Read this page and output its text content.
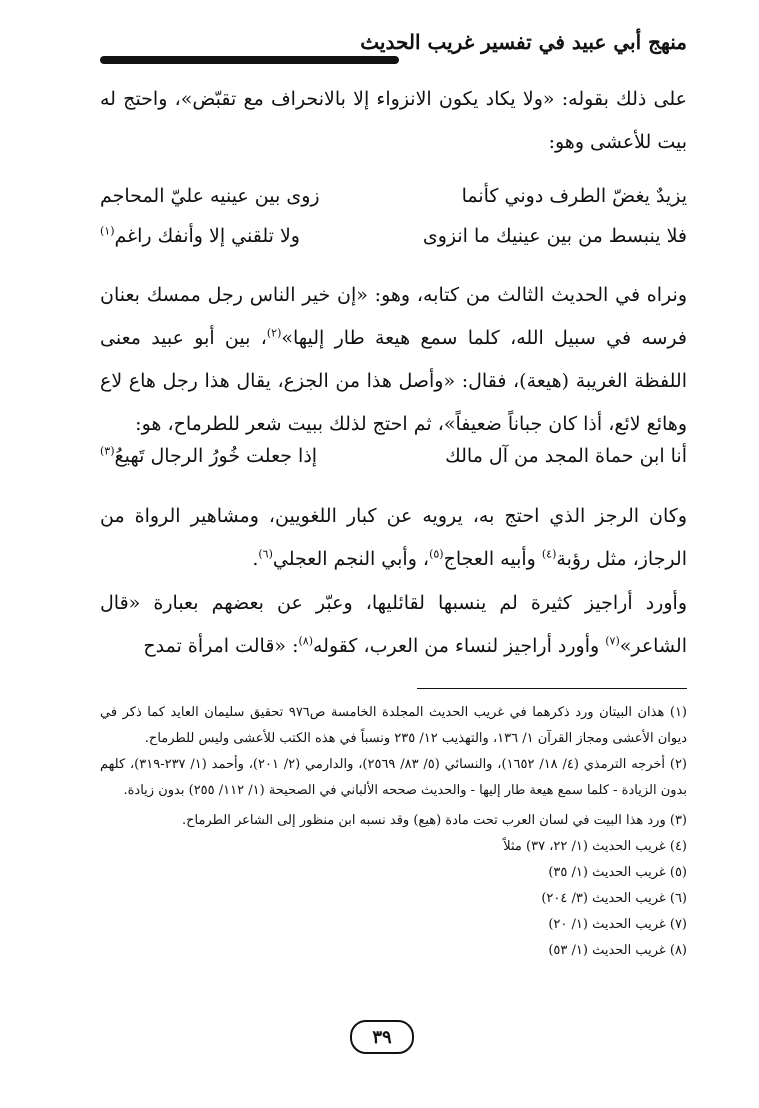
منهج أبي عبيد في تفسير غريب الحديث

على ذلك بقوله: «ولا يكاد يكون الانزواء إلا بالانحراف مع تقبّض»، واحتج له بيت للأعشى وهو:

يزيدٌ يغضّ الطرف دوني كأنما
زوى بين عينيه عليّ المحاجم
فلا ينبسط من بين عينيك ما انزوى
ولا تلقني إلا وأنفك راغم$^{(١)}$

ونراه في الحديث الثالث من كتابه، وهو: «إن خير الناس رجل ممسك بعنان فرسه في سبيل الله، كلما سمع هيعة طار إليها»$^{(٢)}$، بين أبو عبيد معنى اللفظة الغريبة (هيعة)، فقال: «وأصل هذا من الجزع، يقال هذا رجل هاع لاع وهائع لائع، أذا كان جباناً ضعيفاً»، ثم احتج لذلك ببيت شعر للطرماح، هو:

أنا ابن حماة المجد من آل مالك
إذا جعلت خُورُ الرجال تَهيعُ$^{(٣)}$

وكان الرجز الذي احتج به، يرويه عن كبار اللغويين، ومشاهير الرواة من الرجاز، مثل رؤبة$^{(٤)}$ وأبيه العجاج$^{(٥)}$، وأبي النجم العجلي$^{(٦)}$.

وأورد أراجيز كثيرة لم ينسبها لقائليها، وعبّر عن بعضهم بعبارة «قال الشاعر»$^{(٧)}$ وأورد أراجيز لنساء من العرب، كقوله$^{(٨)}$: «قالت امرأة تمدح

(١) هذان البيتان ورد ذكرهما في غريب الحديث المجلدة الخامسة ص٩٧٦ تحقيق سليمان العايد كما ذكر في ديوان الأعشى ومجاز القرآن ١/ ١٣٦، والتهذيب ١٢/ ٢٣٥ ونسباً في هذه الكتب للأعشى وليس للطرماح.

(٢) أخرجه الترمذي (٤/ ١٨/ ١٦٥٢)، والنسائي (٥/ ٨٣/ ٢٥٦٩)، والدارمي (٢/ ٢٠١)، وأحمد (١/ ٢٣٧-٣١٩)، كلهم بدون الزيادة - كلما سمع هيعة طار إليها - والحديث صححه الألباني في الصحيحة (١/ ١١٢/ ٢٥٥) بدون زيادة.

(٣) ورد هذا البيت في لسان العرب تحت مادة (هيع) وقد نسبه ابن منظور إلى الشاعر الطرماح.

(٤) غريب الحديث (١/ ٢٢، ٣٧) مثلاً

(٥) غريب الحديث (١/ ٣٥)

(٦) غريب الحديث (٣/ ٢٠٤)

(٧) غريب الحديث (١/ ٢٠)

(٨) غريب الحديث (١/ ٥٣)

٣٩
